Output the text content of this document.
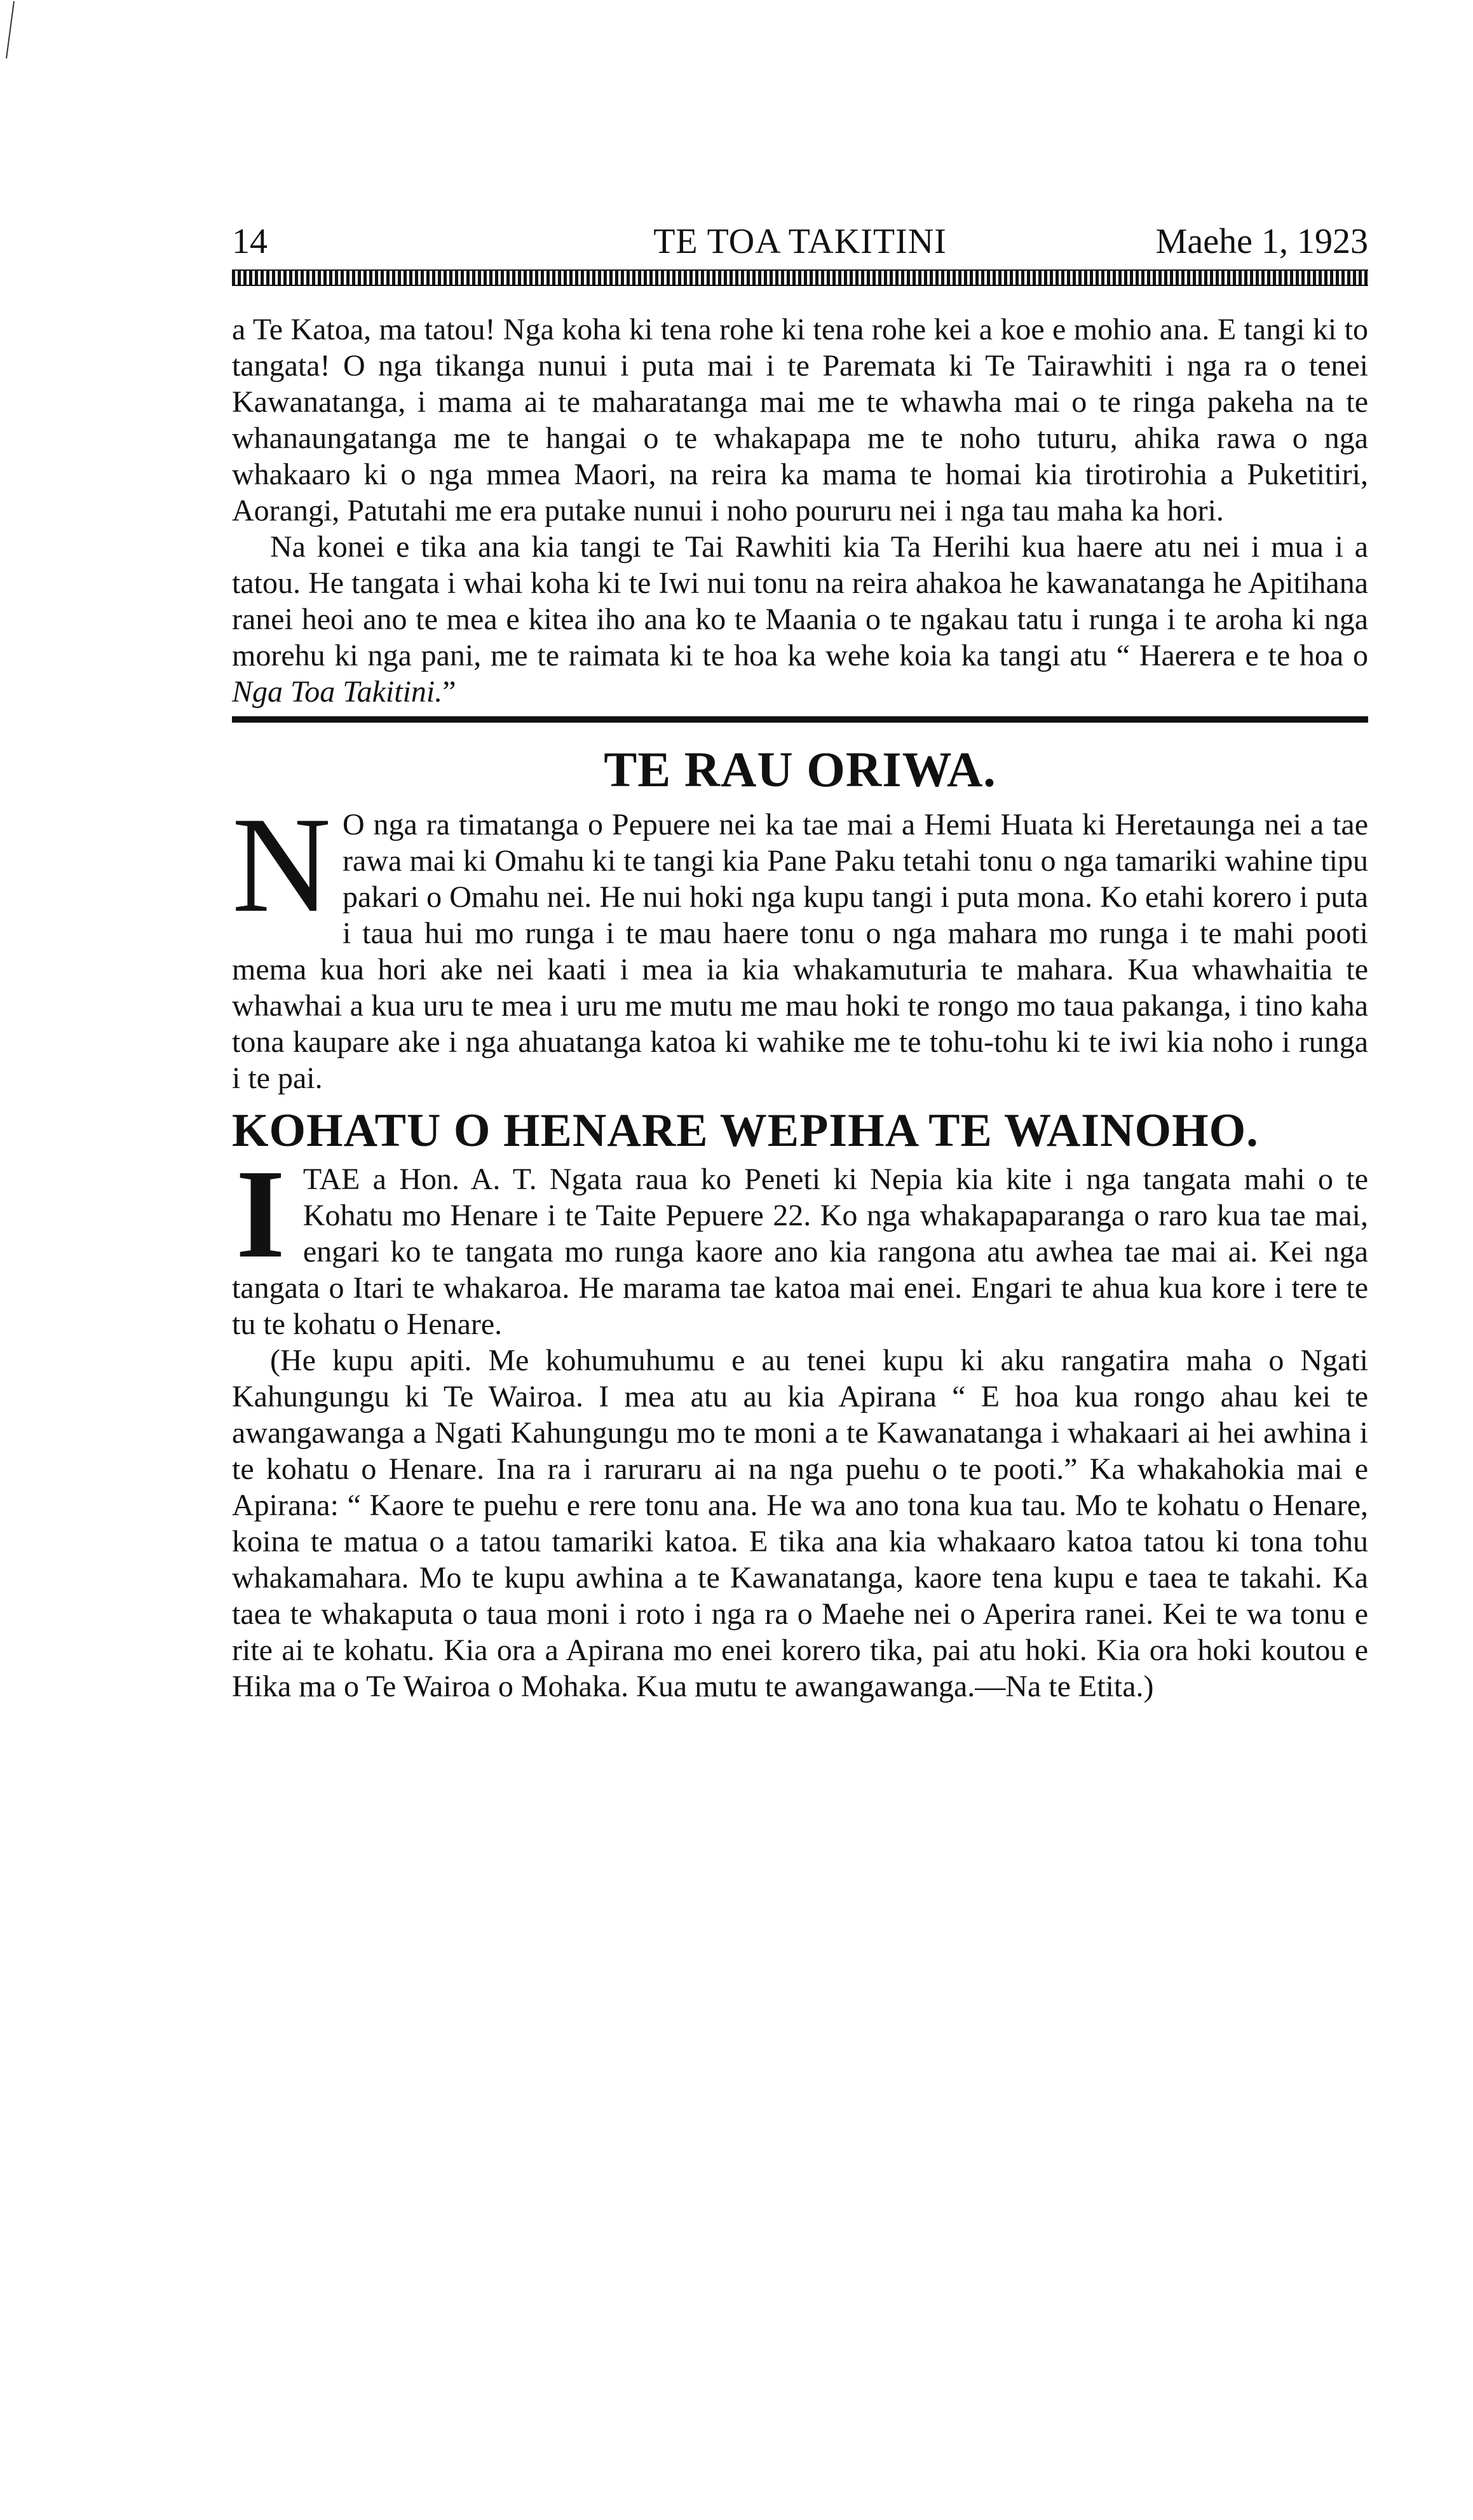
14	TE TOA TAKITINI	Maehe 1, 1923

a Te Katoa, ma tatou! Nga koha ki tena rohe ki tena rohe kei a koe e mohio ana. E tangi ki to tangata! O nga tikanga nunui i puta mai i te Paremata ki Te Tairawhiti i nga ra o tenei Kawanatanga, i mama ai te maharatanga mai me te whawha mai o te ringa pakeha na te whanaungatanga me te hangai o te whakapapa me te noho tuturu, ahika rawa o nga whakaaro ki o nga mmea Maori, na reira ka mama te homai kia tirotirohia a Puketitiri, Aorangi, Patutahi me era putake nunui i noho poururu nei i nga tau maha ka hori.

Na konei e tika ana kia tangi te Tai Rawhiti kia Ta Herihi kua haere atu nei i mua i a tatou. He tangata i whai koha ki te Iwi nui tonu na reira ahakoa he kawanatanga he Apitihana ranei heoi ano te mea e kitea iho ana ko te Maania o te ngakau tatu i runga i te aroha ki nga morehu ki nga pani, me te raimata ki te hoa ka wehe koia ka tangi atu “ Haerera e te hoa o Nga Toa Takitini.”

TE RAU ORIWA.

N O nga ra timatanga o Pepuere nei ka tae mai a Hemi Huata ki Heretaunga nei a tae rawa mai ki Omahu ki te tangi kia Pane Paku tetahi tonu o nga tamariki wahine tipu pakari o Omahu nei. He nui hoki nga kupu tangi i puta mona. Ko etahi korero i puta i taua hui mo runga i te mau haere tonu o nga mahara mo runga i te mahi pooti mema kua hori ake nei kaati i mea ia kia whakamuturia te mahara. Kua whawhaitia te whawhai a kua uru te mea i uru me mutu me mau hoki te rongo mo taua pakanga, i tino kaha tona kaupare ake i nga ahuatanga katoa ki wahike me te tohu-tohu ki te iwi kia noho i runga i te pai.

KOHATU O HENARE WEPIHA TE WAINOHO.

ITAE a Hon. A. T. Ngata raua ko Peneti ki Nepia kia kite i nga tangata mahi o te Kohatu mo Henare i te Taite Pepuere 22. Ko nga whakapaparanga o raro kua tae mai, engari ko te tangata mo runga kaore ano kia rangona atu awhea tae mai ai. Kei nga tangata o Itari te whakaroa. He marama tae katoa mai enei. Engari te ahua kua kore i tere te tu te kohatu o Henare.

(He kupu apiti. Me kohumuhumu e au tenei kupu ki aku rangatira maha o Ngati Kahungungu ki Te Wairoa. I mea atu au kia Apirana “ E hoa kua rongo ahau kei te awangawanga a Ngati Kahungungu mo te moni a te Kawanatanga i whakaari ai hei awhina i te kohatu o Henare. Ina ra i raruraru ai na nga puehu o te pooti.” Ka whakahokia mai e Apirana: “ Kaore te puehu e rere tonu ana. He wa ano tona kua tau. Mo te kohatu o Henare, koina te matua o a tatou tamariki katoa. E tika ana kia whakaaro katoa tatou ki tona tohu whakamahara. Mo te kupu awhina a te Kawanatanga, kaore tena kupu e taea te takahi. Ka taea te whakaputa o taua moni i roto i nga ra o Maehe nei o Aperira ranei. Kei te wa tonu e rite ai te kohatu. Kia ora a Apirana mo enei korero tika, pai atu hoki. Kia ora hoki koutou e Hika ma o Te Wairoa o Mohaka. Kua mutu te awangawanga.—Na te Etita.)
